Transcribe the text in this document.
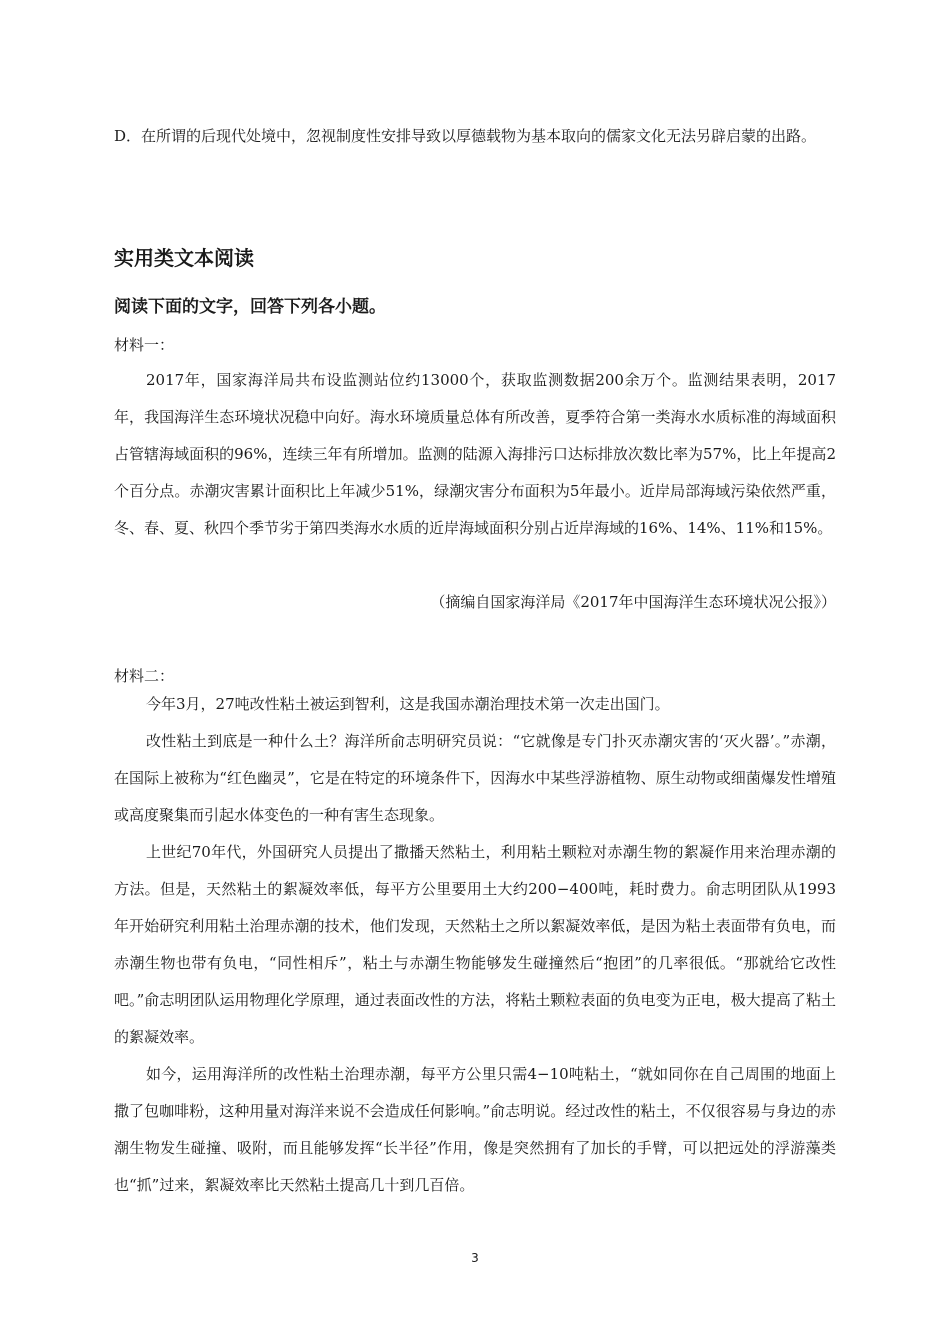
D．在所谓的后现代处境中，忽视制度性安排导致以厚德载物为基本取向的儒家文化无法另辟启蒙的出路。

实用类文本阅读
阅读下面的文字，回答下列各小题。

材料一：

2017年，国家海洋局共布设监测站位约13000个，获取监测数据200余万个。监测结果表明，2017年，我国海洋生态环境状况稳中向好。海水环境质量总体有所改善，夏季符合第一类海水水质标准的海域面积占管辖海域面积的96%，连续三年有所增加。监测的陆源入海排污口达标排放次数比率为57%，比上年提高2个百分点。赤潮灾害累计面积比上年减少51%，绿潮灾害分布面积为5年最小。近岸局部海域污染依然严重，冬、春、夏、秋四个季节劣于第四类海水水质的近岸海域面积分别占近岸海域的16%、14%、11%和15%。

（摘编自国家海洋局《2017年中国海洋生态环境状况公报》）

材料二：

今年3月，27吨改性粘土被运到智利，这是我国赤潮治理技术第一次走出国门。

改性粘土到底是一种什么土？海洋所俞志明研究员说：“它就像是专门扑灭赤潮灾害的‘灭火器’。”赤潮，在国际上被称为“红色幽灵”，它是在特定的环境条件下，因海水中某些浮游植物、原生动物或细菌爆发性增殖或高度聚集而引起水体变色的一种有害生态现象。

上世纪70年代，外国研究人员提出了撒播天然粘土，利用粘土颗粒对赤潮生物的絮凝作用来治理赤潮的方法。但是，天然粘土的絮凝效率低，每平方公里要用土大约200−400吨，耗时费力。俞志明团队从1993年开始研究利用粘土治理赤潮的技术，他们发现，天然粘土之所以絮凝效率低，是因为粘土表面带有负电，而赤潮生物也带有负电，“同性相斥”，粘土与赤潮生物能够发生碰撞然后“抱团”的几率很低。“那就给它改性吧。”俞志明团队运用物理化学原理，通过表面改性的方法，将粘土颗粒表面的负电变为正电，极大提高了粘土的絮凝效率。

如今，运用海洋所的改性粘土治理赤潮，每平方公里只需4−10吨粘土，“就如同你在自己周围的地面上撒了包咖啡粉，这种用量对海洋来说不会造成任何影响。”俞志明说。经过改性的粘土，不仅很容易与身边的赤潮生物发生碰撞、吸附，而且能够发挥“长半径”作用，像是突然拥有了加长的手臂，可以把远处的浮游藻类也“抓”过来，絮凝效率比天然粘土提高几十到几百倍。

3
